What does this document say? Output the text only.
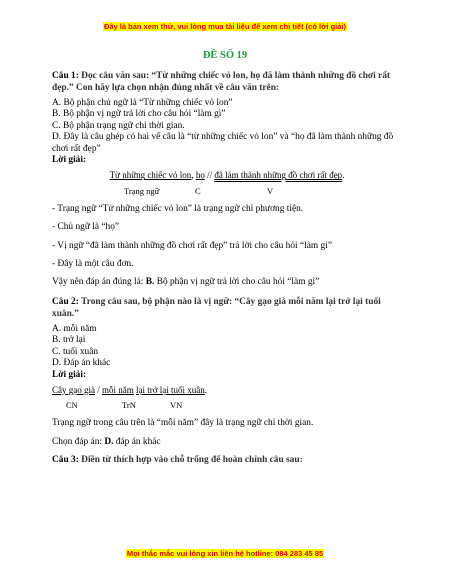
Đây là bản xem thử, vui lòng mua tài liệu để xem chi tiết (có lời giải)
ĐỀ SỐ 19
Câu 1: Đọc câu văn sau: “Từ những chiếc vỏ lon, họ đã làm thành những đồ chơi rất đẹp.” Con hãy lựa chọn nhận đúng nhất về câu văn trên:
A. Bộ phận chủ ngữ là “Từ những chiếc vỏ lon”
B. Bộ phận vị ngữ trả lời cho câu hỏi “làm gì”
C. Bộ phận trạng ngữ chỉ thời gian.
D. Đây là câu ghép có hai vế câu là “từ những chiếc vỏ lon” và “họ đã làm thành những đồ chơi rất đẹp”
Lời giải:
Từ những chiếc vỏ lon, họ // đã làm thành những đồ chơi rất đẹp.
Trạng ngữ	C	V
- Trạng ngữ “Từ những chiếc vỏ lon” là trạng ngữ chỉ phương tiện.
- Chủ ngữ là “họ”
- Vị ngữ “đã làm thành những đồ chơi rất đẹp” trả lời cho câu hỏi “làm gì”
- Đây là một câu đơn.
Vậy nên đáp án đúng là: B. Bộ phận vị ngữ trả lời cho câu hỏi “làm gì”
Câu 2: Trong câu sau, bộ phận nào là vị ngữ: “Cây gạo già mỗi năm lại trở lại tuổi xuân.”
A. mỗi năm
B. trở lại
C. tuổi xuân
D. Đáp án khác
Lời giải:
Cây gạo già / mỗi năm lại trở lại tuổi xuân.
CN	TrN	VN
Trạng ngữ trong câu trên là “mỗi năm” đây là trạng ngữ chỉ thời gian.
Chọn đáp án: D. đáp án khác
Câu 3: Điền từ thích hợp vào chỗ trống để hoàn chỉnh câu sau:
Mọi thắc mắc vui lòng xin liên hệ hotline: 084 283 45 85
